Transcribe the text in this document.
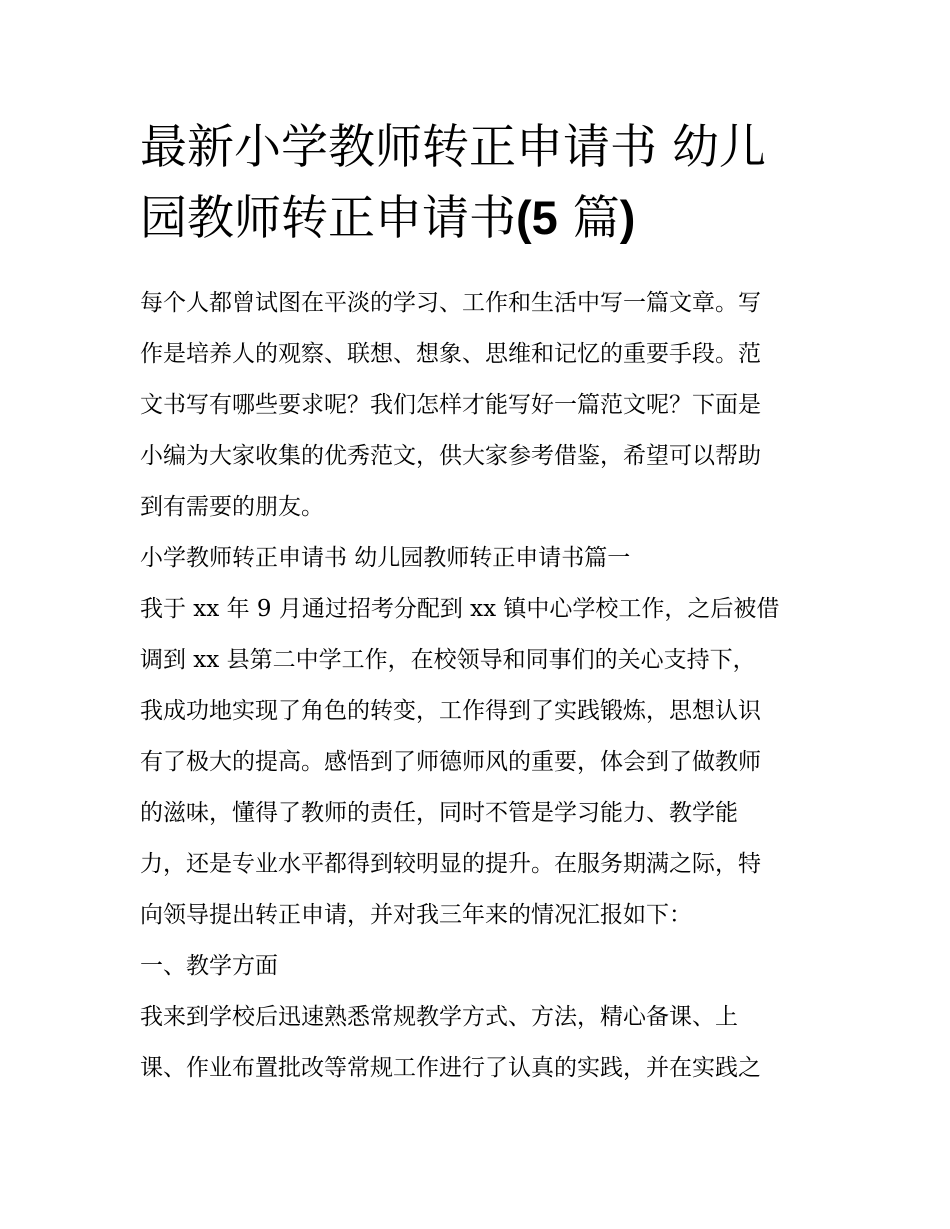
最新小学教师转正申请书 幼儿
园教师转正申请书(5 篇)
每个人都曾试图在平淡的学习、工作和生活中写一篇文章。写
作是培养人的观察、联想、想象、思维和记忆的重要手段。范
文书写有哪些要求呢？我们怎样才能写好一篇范文呢？下面是
小编为大家收集的优秀范文，供大家参考借鉴，希望可以帮助
到有需要的朋友。
小学教师转正申请书 幼儿园教师转正申请书篇一
我于 xx 年 9 月通过招考分配到 xx 镇中心学校工作，之后被借
调到 xx 县第二中学工作，在校领导和同事们的关心支持下，
我成功地实现了角色的转变，工作得到了实践锻炼，思想认识
有了极大的提高。感悟到了师德师风的重要，体会到了做教师
的滋味，懂得了教师的责任，同时不管是学习能力、教学能
力，还是专业水平都得到较明显的提升。在服务期满之际，特
向领导提出转正申请，并对我三年来的情况汇报如下：
一、教学方面
我来到学校后迅速熟悉常规教学方式、方法，精心备课、上
课、作业布置批改等常规工作进行了认真的实践，并在实践之
